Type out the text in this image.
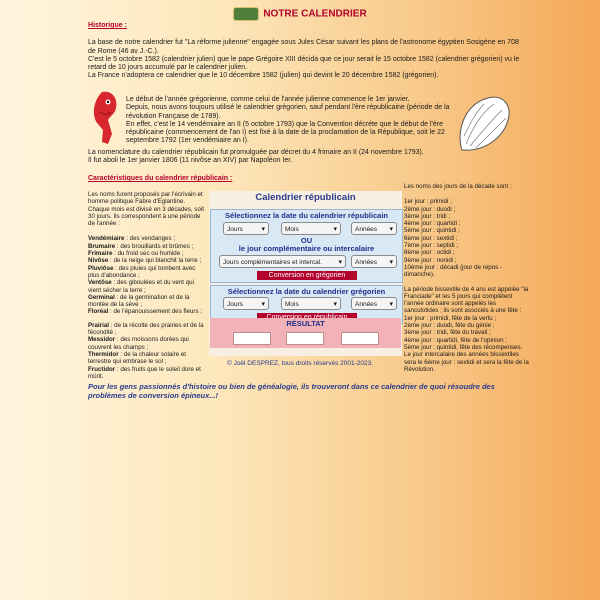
NOTRE CALENDRIER

Historique :

La base de notre calendrier fut "La réforme julienne" engagée sous Jules César suivant les plans de l'astronome égyptien Sosigène en 708 de Rome (46 av J.-C.).

C'est le 5 octobre 1582 (calendrier julien) que le pape Grégoire XIII décida que ce jour serait le 15 octobre 1582 (calendrier grégorien) vu le retard de 10 jours accumulé par le calendrier julien.

La France n'adoptera ce calendrier que le 10 décembre 1582 (julien) qui devint le 20 décembre 1582 (grégorien).

Le début de l'année grégorienne, comme celui de l'année julienne commence le 1er janvier.

Depuis, nous avons toujours utilisé le calendrier grégorien, sauf pendant l'ère républicaine (période de la révolution Française de 1789).

En effet, c'est le 14 vendémiaire an II (5 octobre 1793) que la Convention décréte que le début de l'ère républicaine (commencement de l'an I) est fixé à la date de la proclamation de la République, soit le 22 septembre 1792 (1er vendémiaire an I).

La nomenclature du calendrier républicain fut promulguée par décret du 4 frimaire an II (24 novembre 1793).

Il fut aboli le 1er janvier 1806 (11 nivôse an XIV) par Napoléon Ier.

Caractéristiques du calendrier républicain :
Les noms furent proposés par l'écrivain et homme politique Fabre d'Eglantine. Chaque mois est divisé en 3 décades, soit 30 jours. Ils correspondent à une période de l'année :
Vendémiaire : des vendanges ;
Brumaire : des brouillards et brûmes ;
Frimaire : du froid sec ou humide ;
Nivôse : de la neige qui blanchit la terre ;
Pluviôse : des pluies qui tombent avec plus d'abondance ;
Ventôse : des giboulées et du vent qui vient sécher la terre ;
Germinal : de la germination et de la montée de la sève ;
Floréal : de l'épanouissement des fleurs ;
Prairial : de la récolte des prairies et de la fécondité ;
Messidor : des moissons dorées qui couvrent les champs ;
Thermidor : de la chaleur solaire et terrestre qui embrase le sol ;
Fructidor : des fruits que le soleil dore et mûrit.
Calendrier républicain
Sélectionnez la date du calendrier républicain
Jours ▾	Mois ▾	Années ▾
OU
le jour complémentaire ou intercalaire
Jours complémentaires et intercal. ▾	Années ▾
Conversion en grégorien
Sélectionnez la date du calendrier grégorien
Jours ▾	Mois ▾	Années ▾
RÉSULTAT
© Joël DESPREZ, tous droits réservés 2001-2023.
Les noms des jours de la décade sont :
1er jour : primidi ;
2ème jour : duodi ;
3ème jour : tridi ;
4ème jour : quartidi ;
5ème jour : quintidi ;
6ème jour : sextidi ;
7ème jour : septidi ;
8ème jour : octidi ;
9ème jour : nonidi ;
10ème jour : décadi (jour de repos - dimanche).
La période bissextile de 4 ans est appelée "la Franciade" et les 5 jours qui complètent l'année ordinaire sont appelés les sanculotides ; ils sont associés à une fête :
1er jour : primidi, fête de la vertu ;
2ème jour : duodi, fête du génie ;
3ème jour : tridi, fête du travail ;
4ème jour : quartidi, fête de l'opinion ;
5ème jour : quintidi, fête des récompenses.
Le jour intercalaire des années bissextiles sera le 6ème jour : sextidi et sera la fête de la Révolution.
Pour les gens passionnés d'histoire ou bien de généalogie, ils trouveront dans ce calendrier de quoi résoudre des problèmes de conversion épineux...!
